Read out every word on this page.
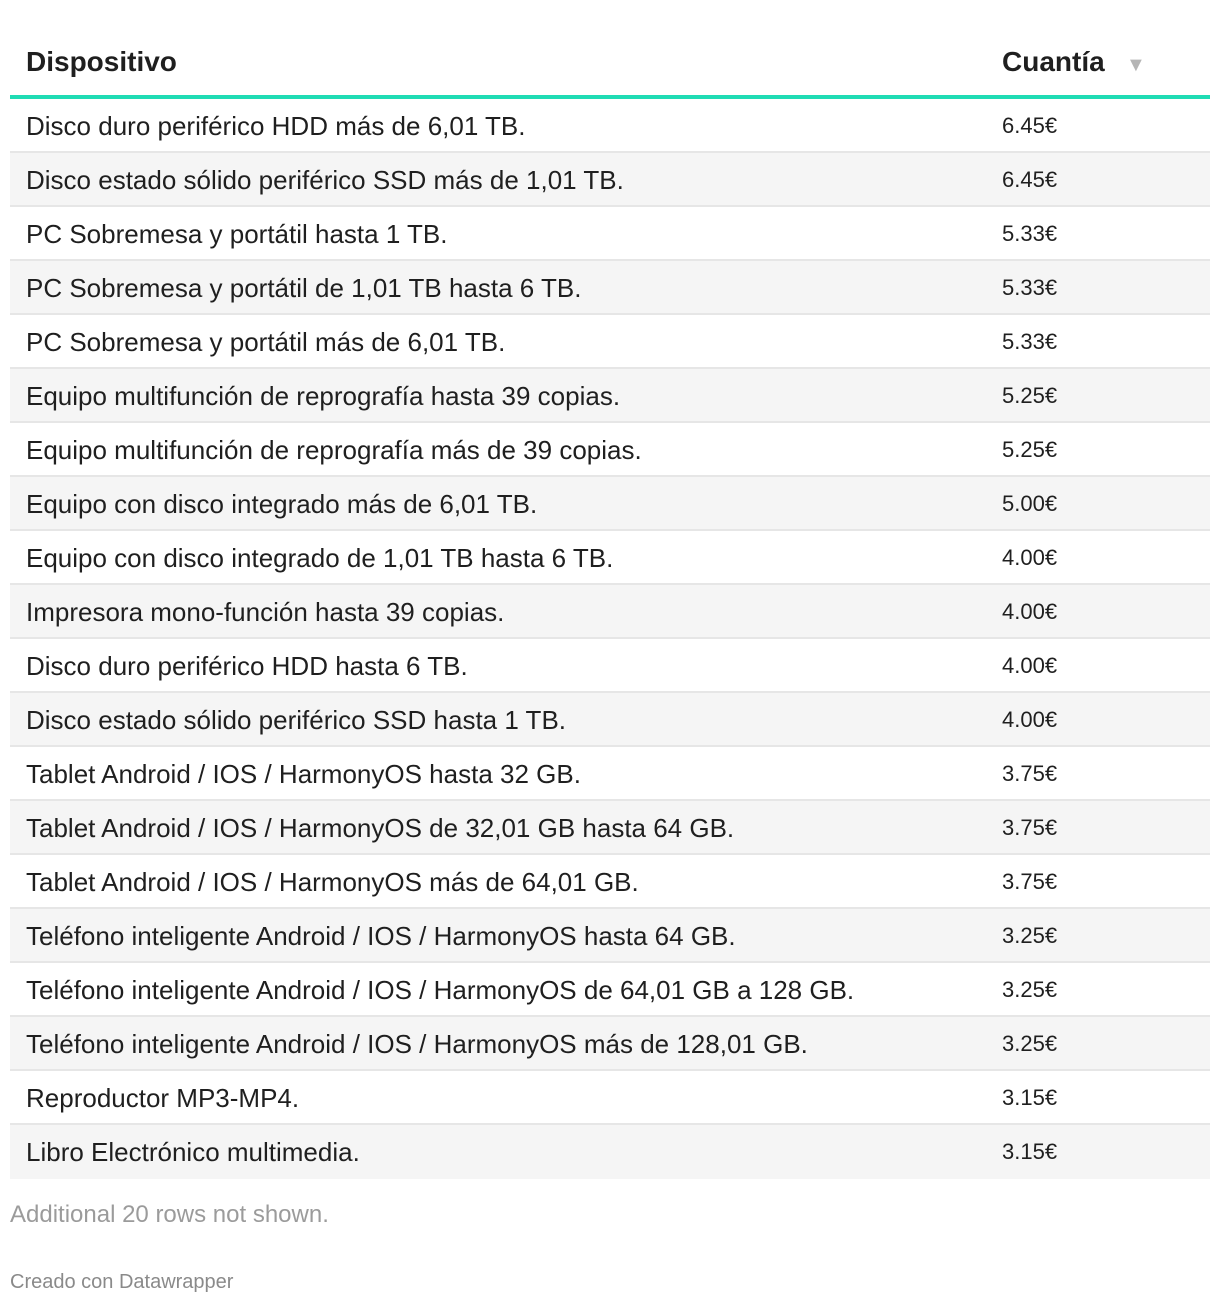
Dispositivo	Cuantía ▼
Disco duro periférico HDD más de 6,01 TB.	6.45€
Disco estado sólido periférico SSD más de 1,01 TB.	6.45€
PC Sobremesa y portátil hasta 1 TB.	5.33€
PC Sobremesa y portátil de 1,01 TB hasta 6 TB.	5.33€
PC Sobremesa y portátil más de 6,01 TB.	5.33€
Equipo multifunción de reprografía hasta 39 copias.	5.25€
Equipo multifunción de reprografía más de 39 copias.	5.25€
Equipo con disco integrado más de 6,01 TB.	5.00€
Equipo con disco integrado de 1,01 TB hasta 6 TB.	4.00€
Impresora mono-función hasta 39 copias.	4.00€
Disco duro periférico HDD hasta 6 TB.	4.00€
Disco estado sólido periférico SSD hasta 1 TB.	4.00€
Tablet Android / IOS / HarmonyOS hasta 32 GB.	3.75€
Tablet Android / IOS / HarmonyOS de 32,01 GB hasta 64 GB.	3.75€
Tablet Android / IOS / HarmonyOS más de 64,01 GB.	3.75€
Teléfono inteligente Android / IOS / HarmonyOS hasta 64 GB.	3.25€
Teléfono inteligente Android / IOS / HarmonyOS de 64,01 GB a 128 GB.	3.25€
Teléfono inteligente Android / IOS / HarmonyOS más de 128,01 GB.	3.25€
Reproductor MP3-MP4.	3.15€
Libro Electrónico multimedia.	3.15€
Additional 20 rows not shown.
Creado con Datawrapper
